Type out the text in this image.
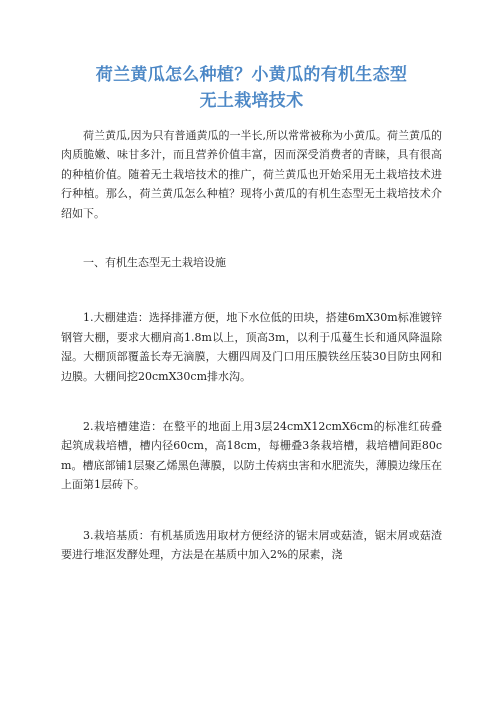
荷兰黄瓜怎么种植？小黄瓜的有机生态型
无土栽培技术

荷兰黄瓜,因为只有普通黄瓜的一半长,所以常常被称为小黄瓜。荷兰黄瓜的肉质脆嫩、味甘多汁，而且营养价值丰富，因而深受消费者的青睐，具有很高的种植价值。随着无土栽培技术的推广，荷兰黄瓜也开始采用无土栽培技术进行种植。那么，荷兰黄瓜怎么种植？现将小黄瓜的有机生态型无土栽培技术介绍如下。

一、有机生态型无土栽培设施

1.大棚建造：选择排灌方便，地下水位低的田块，搭建6mX30m标准镀锌钢管大棚，要求大棚肩高1.8m以上，顶高3m，以利于瓜蔓生长和通风降温除湿。大棚顶部覆盖长寿无滴膜，大棚四周及门口用压膜铁丝压装30目防虫网和边膜。大棚间挖20cmX30cm排水沟。

2.栽培槽建造：在整平的地面上用3层24cmX12cmX6cm的标准红砖叠起筑成栽培槽，槽内径60cm，高18cm，每栅叠3条栽培槽，栽培槽间距80cm。槽底部铺1层聚乙烯黑色薄膜，以防土传病虫害和水肥流失，薄膜边缘压在上面第1层砖下。

3.栽培基质：有机基质选用取材方便经济的锯末屑或菇渣，锯末屑或菇渣要进行堆沤发酵处理，方法是在基质中加入2%的尿素，浇
